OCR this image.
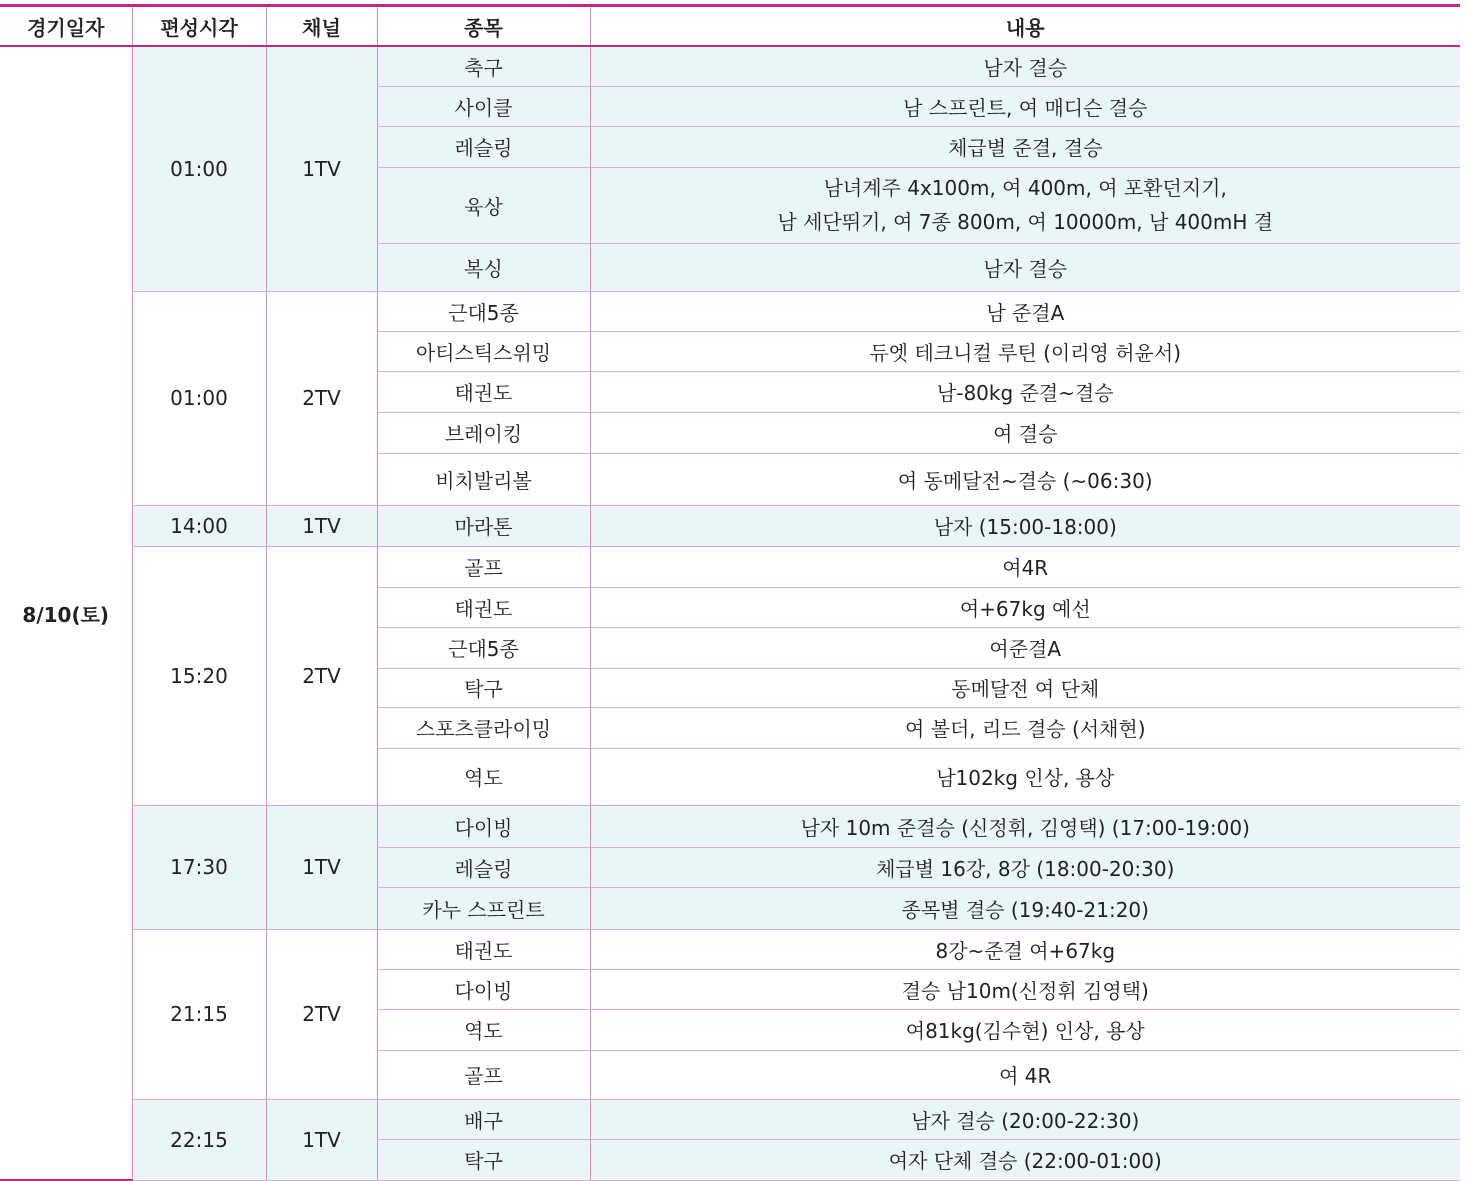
경기일자	편성시각	채널	종목	내용
8/10(토)	01:00	1TV	축구	남자 결승

			사이클	남 스프린트, 여 매디슨 결승

			레슬링	체급별 준결, 결승

			육상	남녀계주 4x100m, 여 400m, 여 포환던지기,
남 세단뛰기, 여 7종 800m, 여 10000m, 남 400mH 결

			복싱	남자 결승

	01:00	2TV	근대5종	남 준결A

			아티스틱스위밍	듀엣 테크니컬 루틴 (이리영 허윤서)

			태권도	남-80kg 준결~결승

			브레이킹	여 결승

			비치발리볼	여 동메달전~결승 (~06:30)

	14:00	1TV	마라톤	남자 (15:00-18:00)

	15:20	2TV	골프	여4R

			태권도	여+67kg 예선

			근대5종	여준결A

			탁구	동메달전 여 단체

			스포츠클라이밍	여 볼더, 리드 결승 (서채현)

			역도	남102kg 인상, 용상

	17:30	1TV	다이빙	남자 10m 준결승 (신정휘, 김영택) (17:00-19:00)

			레슬링	체급별 16강, 8강 (18:00-20:30)

			카누 스프린트	종목별 결승 (19:40-21:20)

	21:15	2TV	태권도	8강~준결 여+67kg

			다이빙	결승 남10m(신정휘 김영택)

			역도	여81kg(김수현) 인상, 용상

			골프	여 4R

	22:15	1TV	배구	남자 결승 (20:00-22:30)

			탁구	여자 단체 결승 (22:00-01:00)
